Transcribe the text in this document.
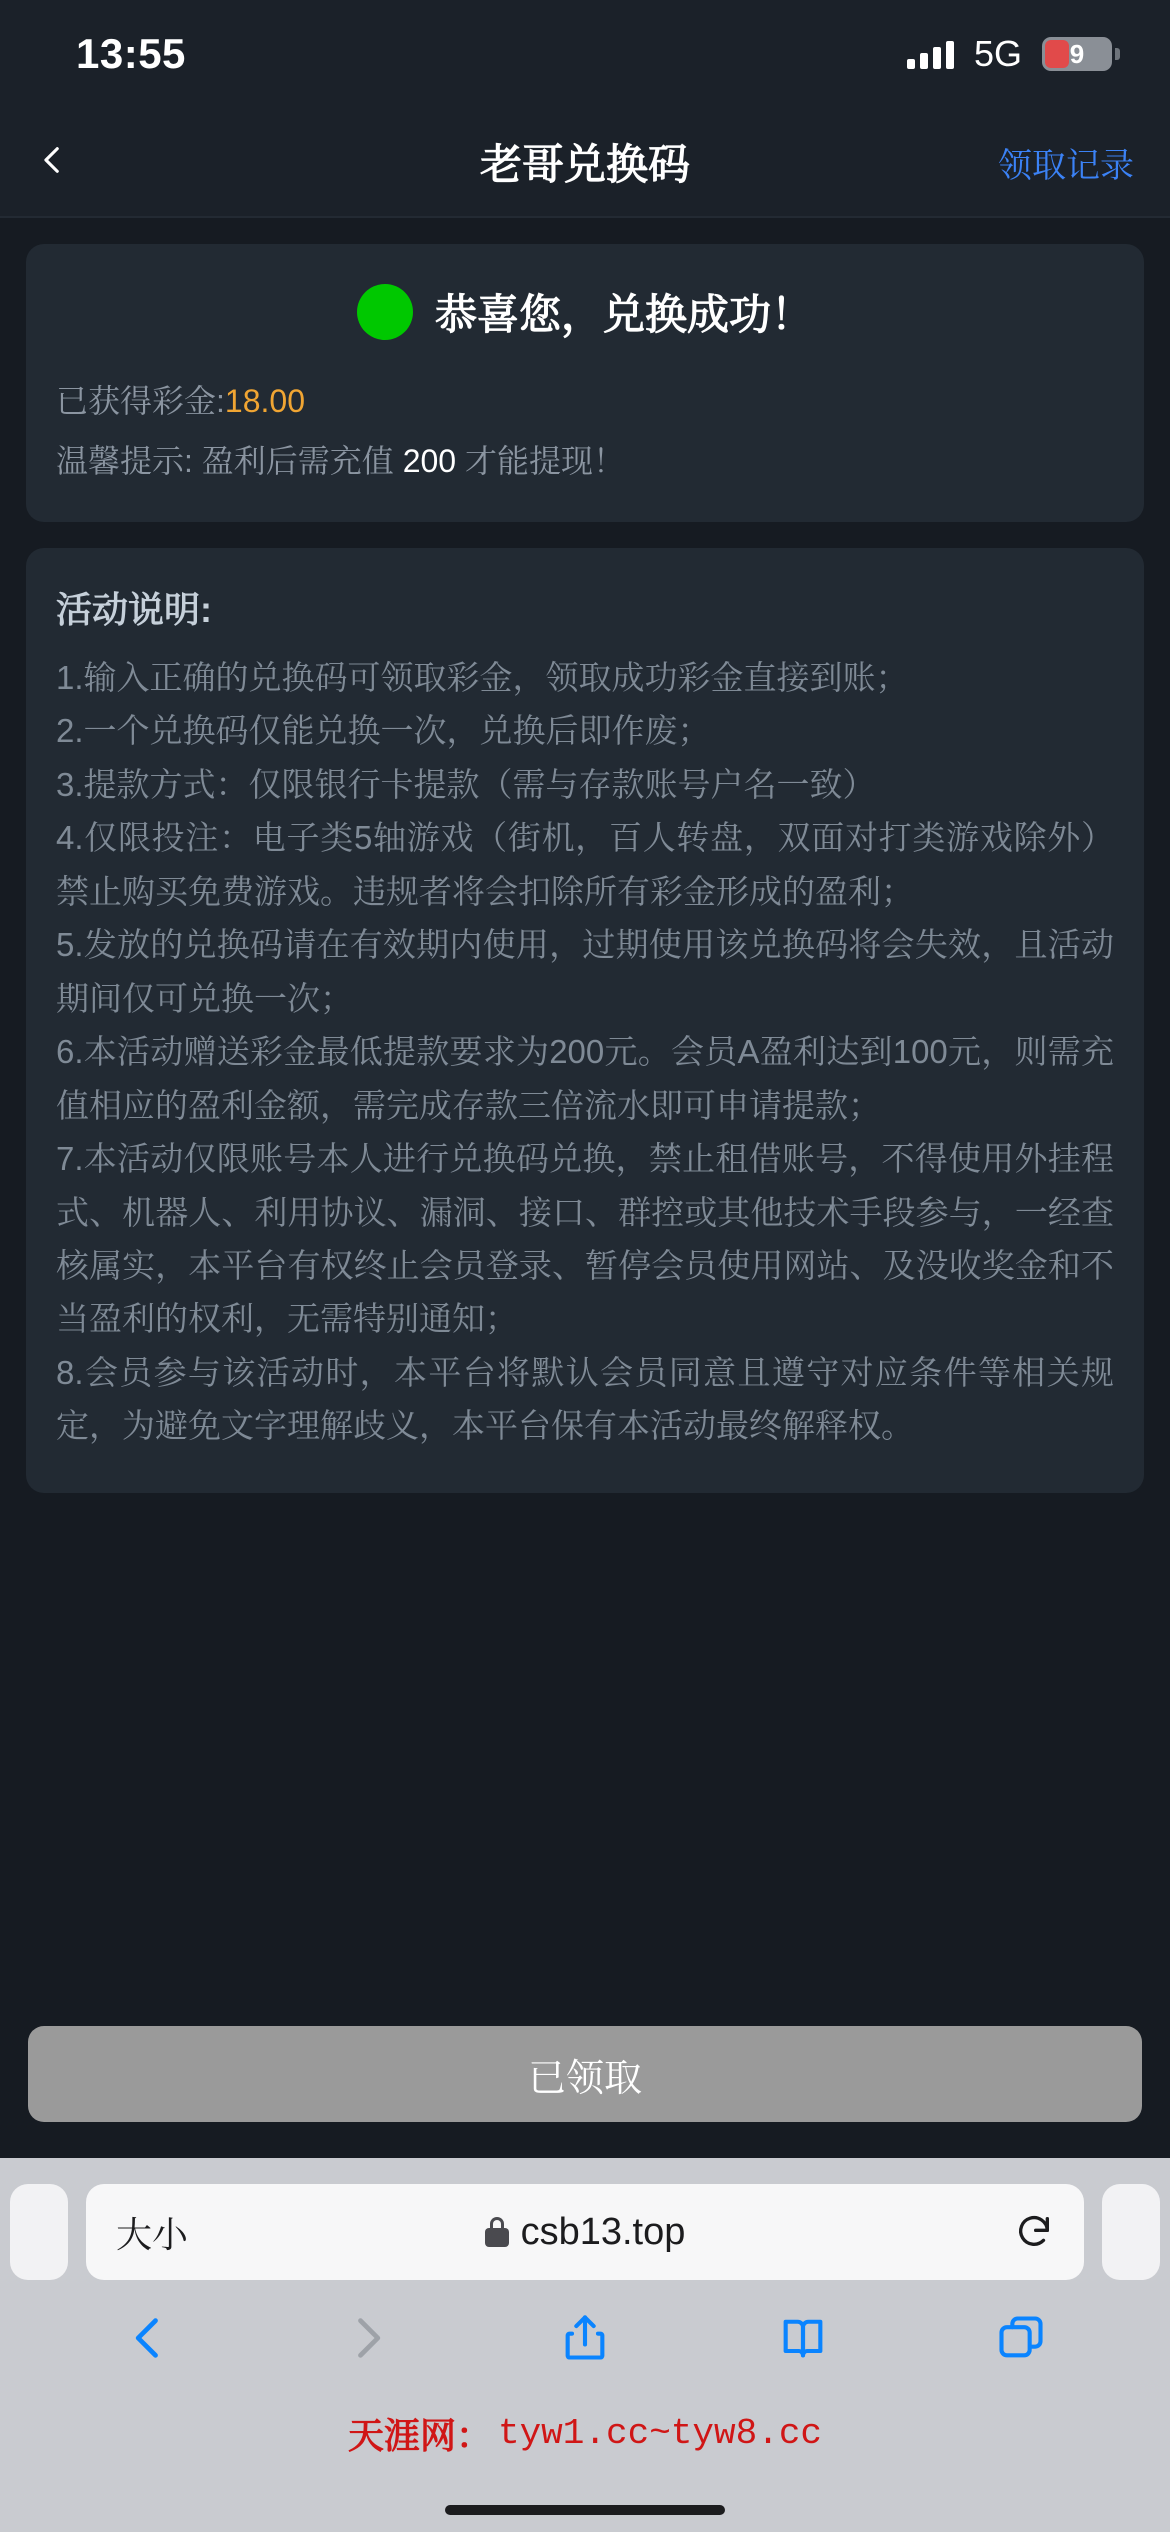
13:55	5G 9
老哥兑换码	领取记录
恭喜您，兑换成功！
已获得彩金:18.00
温馨提示: 盈利后需充值 200 才能提现！
活动说明:

1.输入正确的兑换码可领取彩金，领取成功彩金直接到账；

2.一个兑换码仅能兑换一次，兑换后即作废；

3.提款方式：仅限银行卡提款（需与存款账号户名一致）

4.仅限投注：电子类5轴游戏（街机，百人转盘，双面对打类游戏除外）禁止购买免费游戏。违规者将会扣除所有彩金形成的盈利；

5.发放的兑换码请在有效期内使用，过期使用该兑换码将会失效，且活动期间仅可兑换一次；

6.本活动赠送彩金最低提款要求为200元。会员A盈利达到100元，则需充值相应的盈利金额，需完成存款三倍流水即可申请提款；

7.本活动仅限账号本人进行兑换码兑换，禁止租借账号，不得使用外挂程式、机器人、利用协议、漏洞、接口、群控或其他技术手段参与，一经查核属实，本平台有权终止会员登录、暂停会员使用网站、及没收奖金和不当盈利的权利，无需特别通知；

8.会员参与该活动时，本平台将默认会员同意且遵守对应条件等相关规定，为避免文字理解歧义，本平台保有本活动最终解释权。

已领取
大小	csb13.top
天涯网： tyw1.cc~tyw8.cc
